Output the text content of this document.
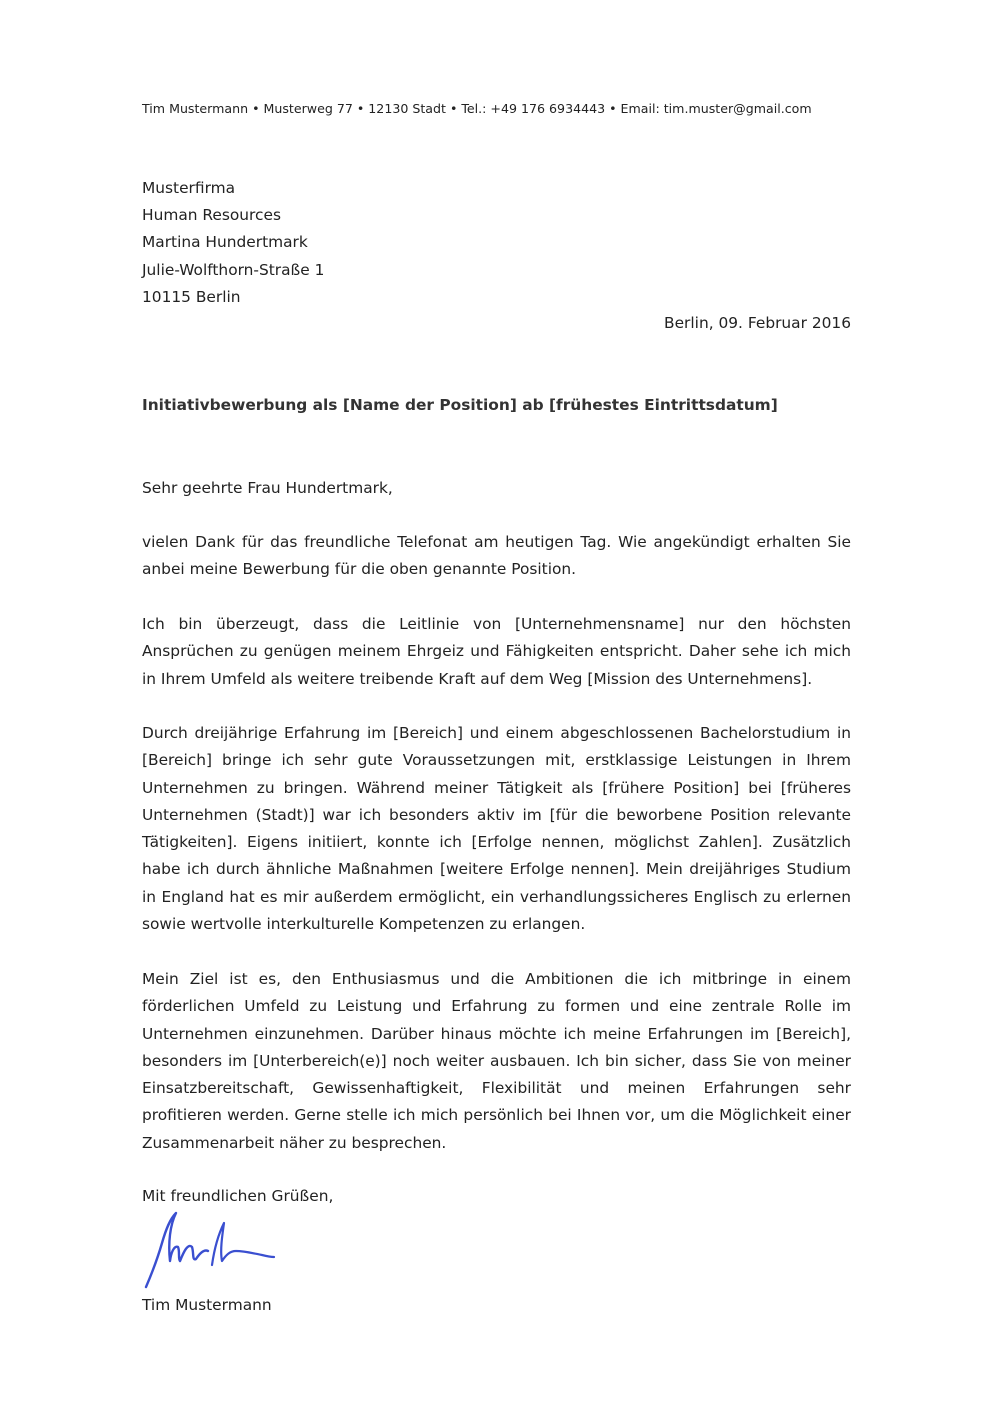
Tim Mustermann • Musterweg 77 • 12130 Stadt • Tel.: +49 176 6934443 • Email: tim.muster@gmail.com
Musterfirma
Human Resources
Martina Hundertmark
Julie-Wolfthorn-Straße 1
10115 Berlin
Berlin, 09. Februar 2016
Initiativbewerbung als [Name der Position] ab [frühestes Eintrittsdatum]
Sehr geehrte Frau Hundertmark,
vielen Dank für das freundliche Telefonat am heutigen Tag. Wie angekündigt erhalten Sie anbei meine Bewerbung für die oben genannte Position.
Ich bin überzeugt, dass die Leitlinie von [Unternehmensname] nur den höchsten Ansprüchen zu genügen meinem Ehrgeiz und Fähigkeiten entspricht. Daher sehe ich mich in Ihrem Umfeld als weitere treibende Kraft auf dem Weg [Mission des Unternehmens].
Durch dreijährige Erfahrung im [Bereich] und einem abgeschlossenen Bachelorstudium in [Bereich] bringe ich sehr gute Voraussetzungen mit, erstklassige Leistungen in Ihrem Unternehmen zu bringen. Während meiner Tätigkeit als [frühere Position] bei [früheres Unternehmen (Stadt)] war ich besonders aktiv im [für die beworbene Position relevante Tätigkeiten]. Eigens initiiert, konnte ich [Erfolge nennen, möglichst Zahlen]. Zusätzlich habe ich durch ähnliche Maßnahmen [weitere Erfolge nennen]. Mein dreijähriges Studium in England hat es mir außerdem ermöglicht, ein verhandlungssicheres Englisch zu erlernen sowie wertvolle interkulturelle Kompetenzen zu erlangen.
Mein Ziel ist es, den Enthusiasmus und die Ambitionen die ich mitbringe in einem förderlichen Umfeld zu Leistung und Erfahrung zu formen und eine zentrale Rolle im Unternehmen einzunehmen. Darüber hinaus möchte ich meine Erfahrungen im [Bereich], besonders im [Unterbereich(e)] noch weiter ausbauen. Ich bin sicher, dass Sie von meiner Einsatzbereitschaft, Gewissenhaftigkeit, Flexibilität und meinen Erfahrungen sehr profitieren werden. Gerne stelle ich mich persönlich bei Ihnen vor, um die Möglichkeit einer Zusammenarbeit näher zu besprechen.
Mit freundlichen Grüßen,
Tim Mustermann
